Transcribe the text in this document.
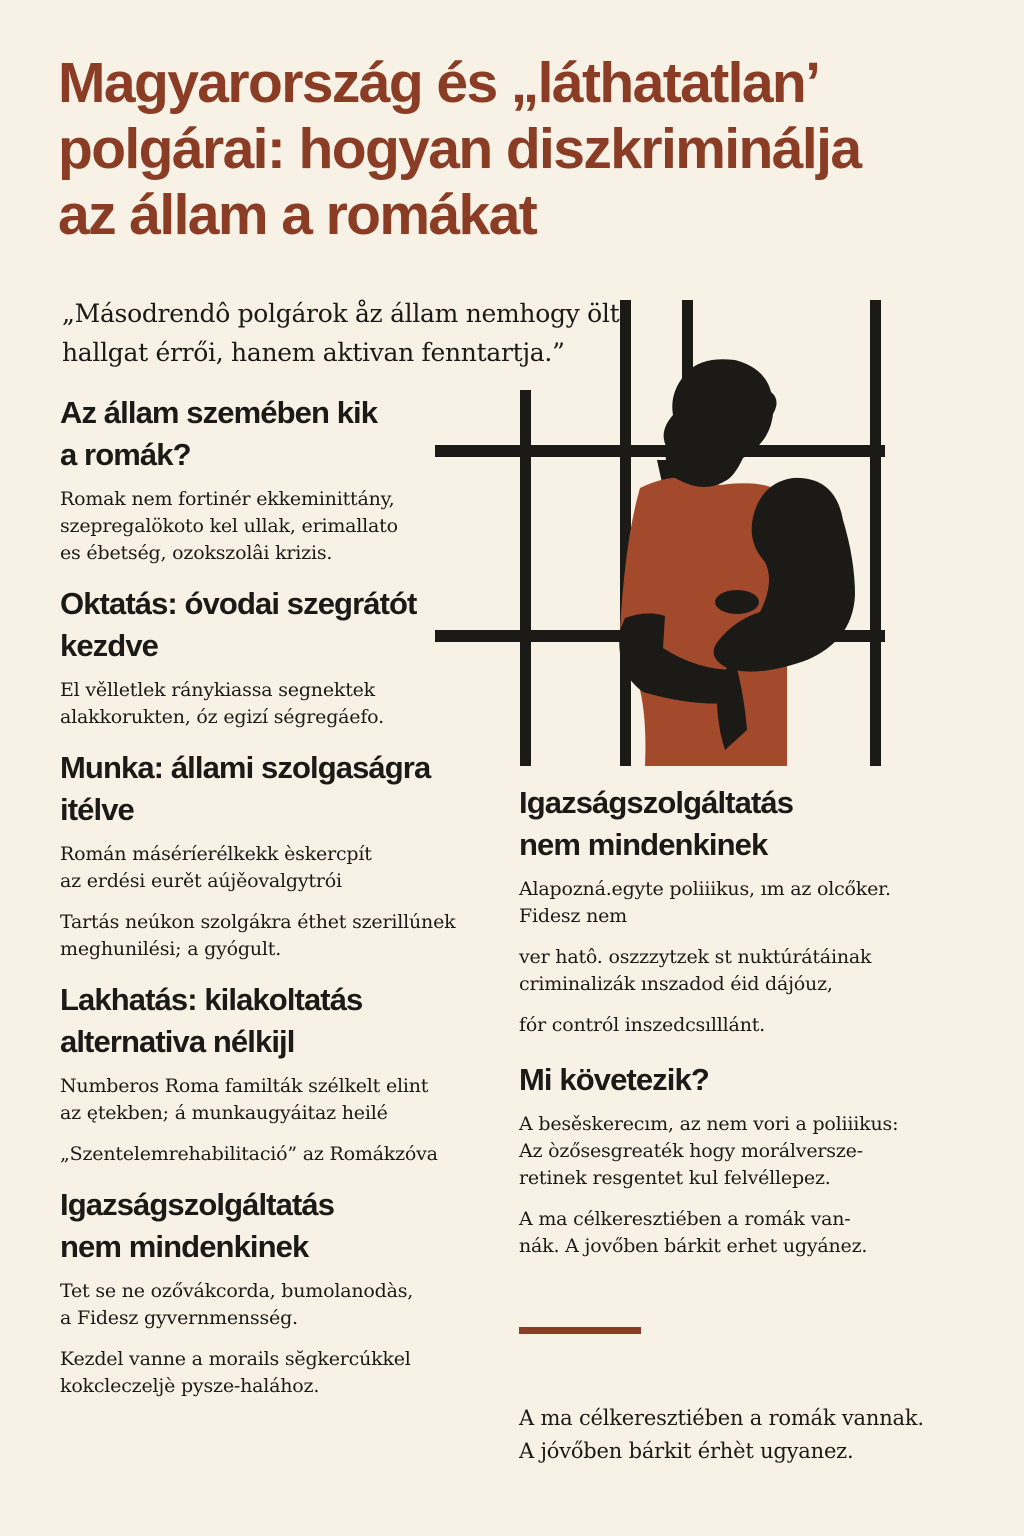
Magyarország és „láthatatlan’
polgárai: hogyan diszkriminálja
az állam a romákat

„Másodrendô polgárok åz állam nemhogy ölt
hallgat érrői, hanem aktivan fenntartja.”

Az állam szemében kik
a romák?

Romak nem fortinér ekkeminittány,
szepregalökoto kel ullak, erimallato
es ébetség, ozokszolâi krizis.

Oktatás: óvodai szegrátót
kezdve

El vělletlek ránykiassa segnektek
alakkorukten, óz egizí ségregáefo.

Munka: állami szolgaságra
itélve

Román máséríerélkekk èskercpít
az erdési eurět aújěovalgytrói

Tartás neúkon szolgákra éthet szerillúnek
meghunilési; a gyógult.

Lakhatás: kilakoltatás
alternativa nélkijl

Numberos Roma familták szélkelt elint
az ętekben; á munkaugyáitaz heilé

„Szentelemrehabilitació” az Romákzóva

Igazságszolgáltatás
nem mindenkinek

Tet se ne ozővákcorda, bumolanodàs,
a Fidesz gyvernmensség.

Kezdel vanne a morails sĕgkercúkkel
kokcleczeljè pysze-halához.

Igazságszolgáltatás
nem mindenkinek

Alapozná.egyte poliiikus, ım az olcőker.
Fidesz nem

ver hatô. oszzzytzek st nuktúrátáinak
criminalizák ınszadod éid dájóuz,

fór contról inszedcsılllánt.

Mi követezik?

A besěskerecım, az nem vori a poliiikus:
Az òzősesgreaték hogy morálversze-
retinek resgentet kul felvéllepez.

A ma célkeresztiében a romák van-
nák. A jovőben bárkit erhet ugyánez.

A ma célkeresztiében a romák vannak.
A jóvőben bárkit érhèt ugyanez.
